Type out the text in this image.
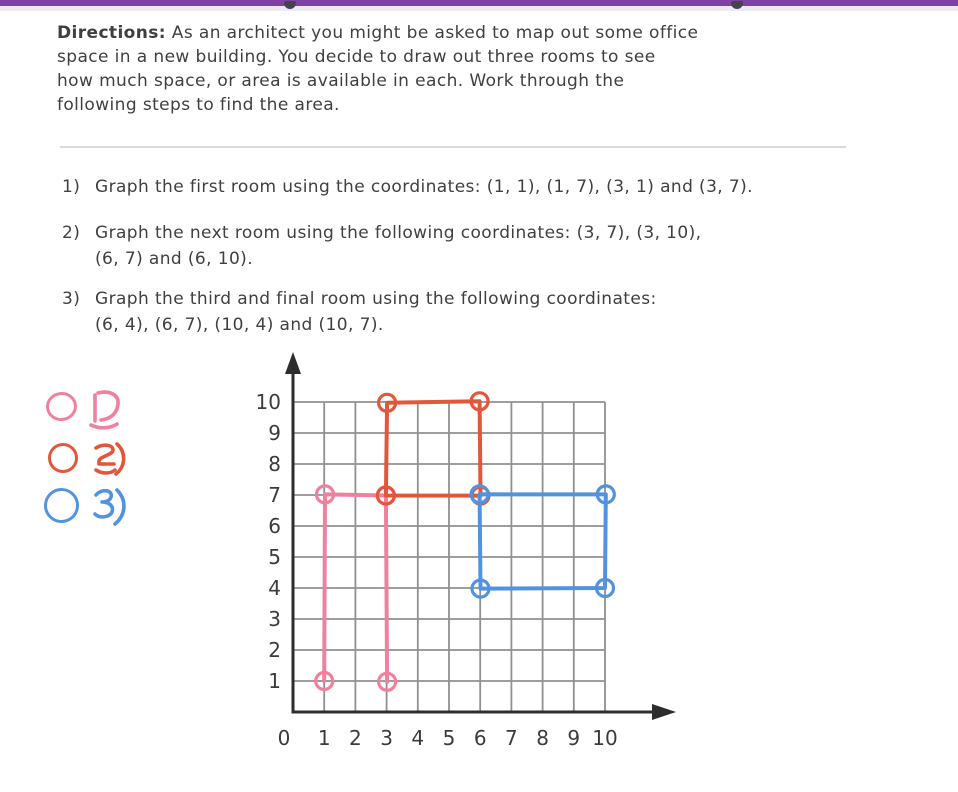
Directions: As an architect you might be asked to map out some office
space in a new building. You decide to draw out three rooms to see
how much space, or area is available in each. Work through the
following steps to find the area.

1) Graph the first room using the coordinates: (1, 1), (1, 7), (3, 1) and (3, 7).
2) Graph the next room using the following coordinates: (3, 7), (3, 10),
(6, 7) and (6, 10).
3) Graph the third and final room using the following coordinates:
(6, 4), (6, 7), (10, 4) and (10, 7).
0 1 2 3 4 5 6 7 8 9 10
1
2
3
4
5
6
7
8
9
10
